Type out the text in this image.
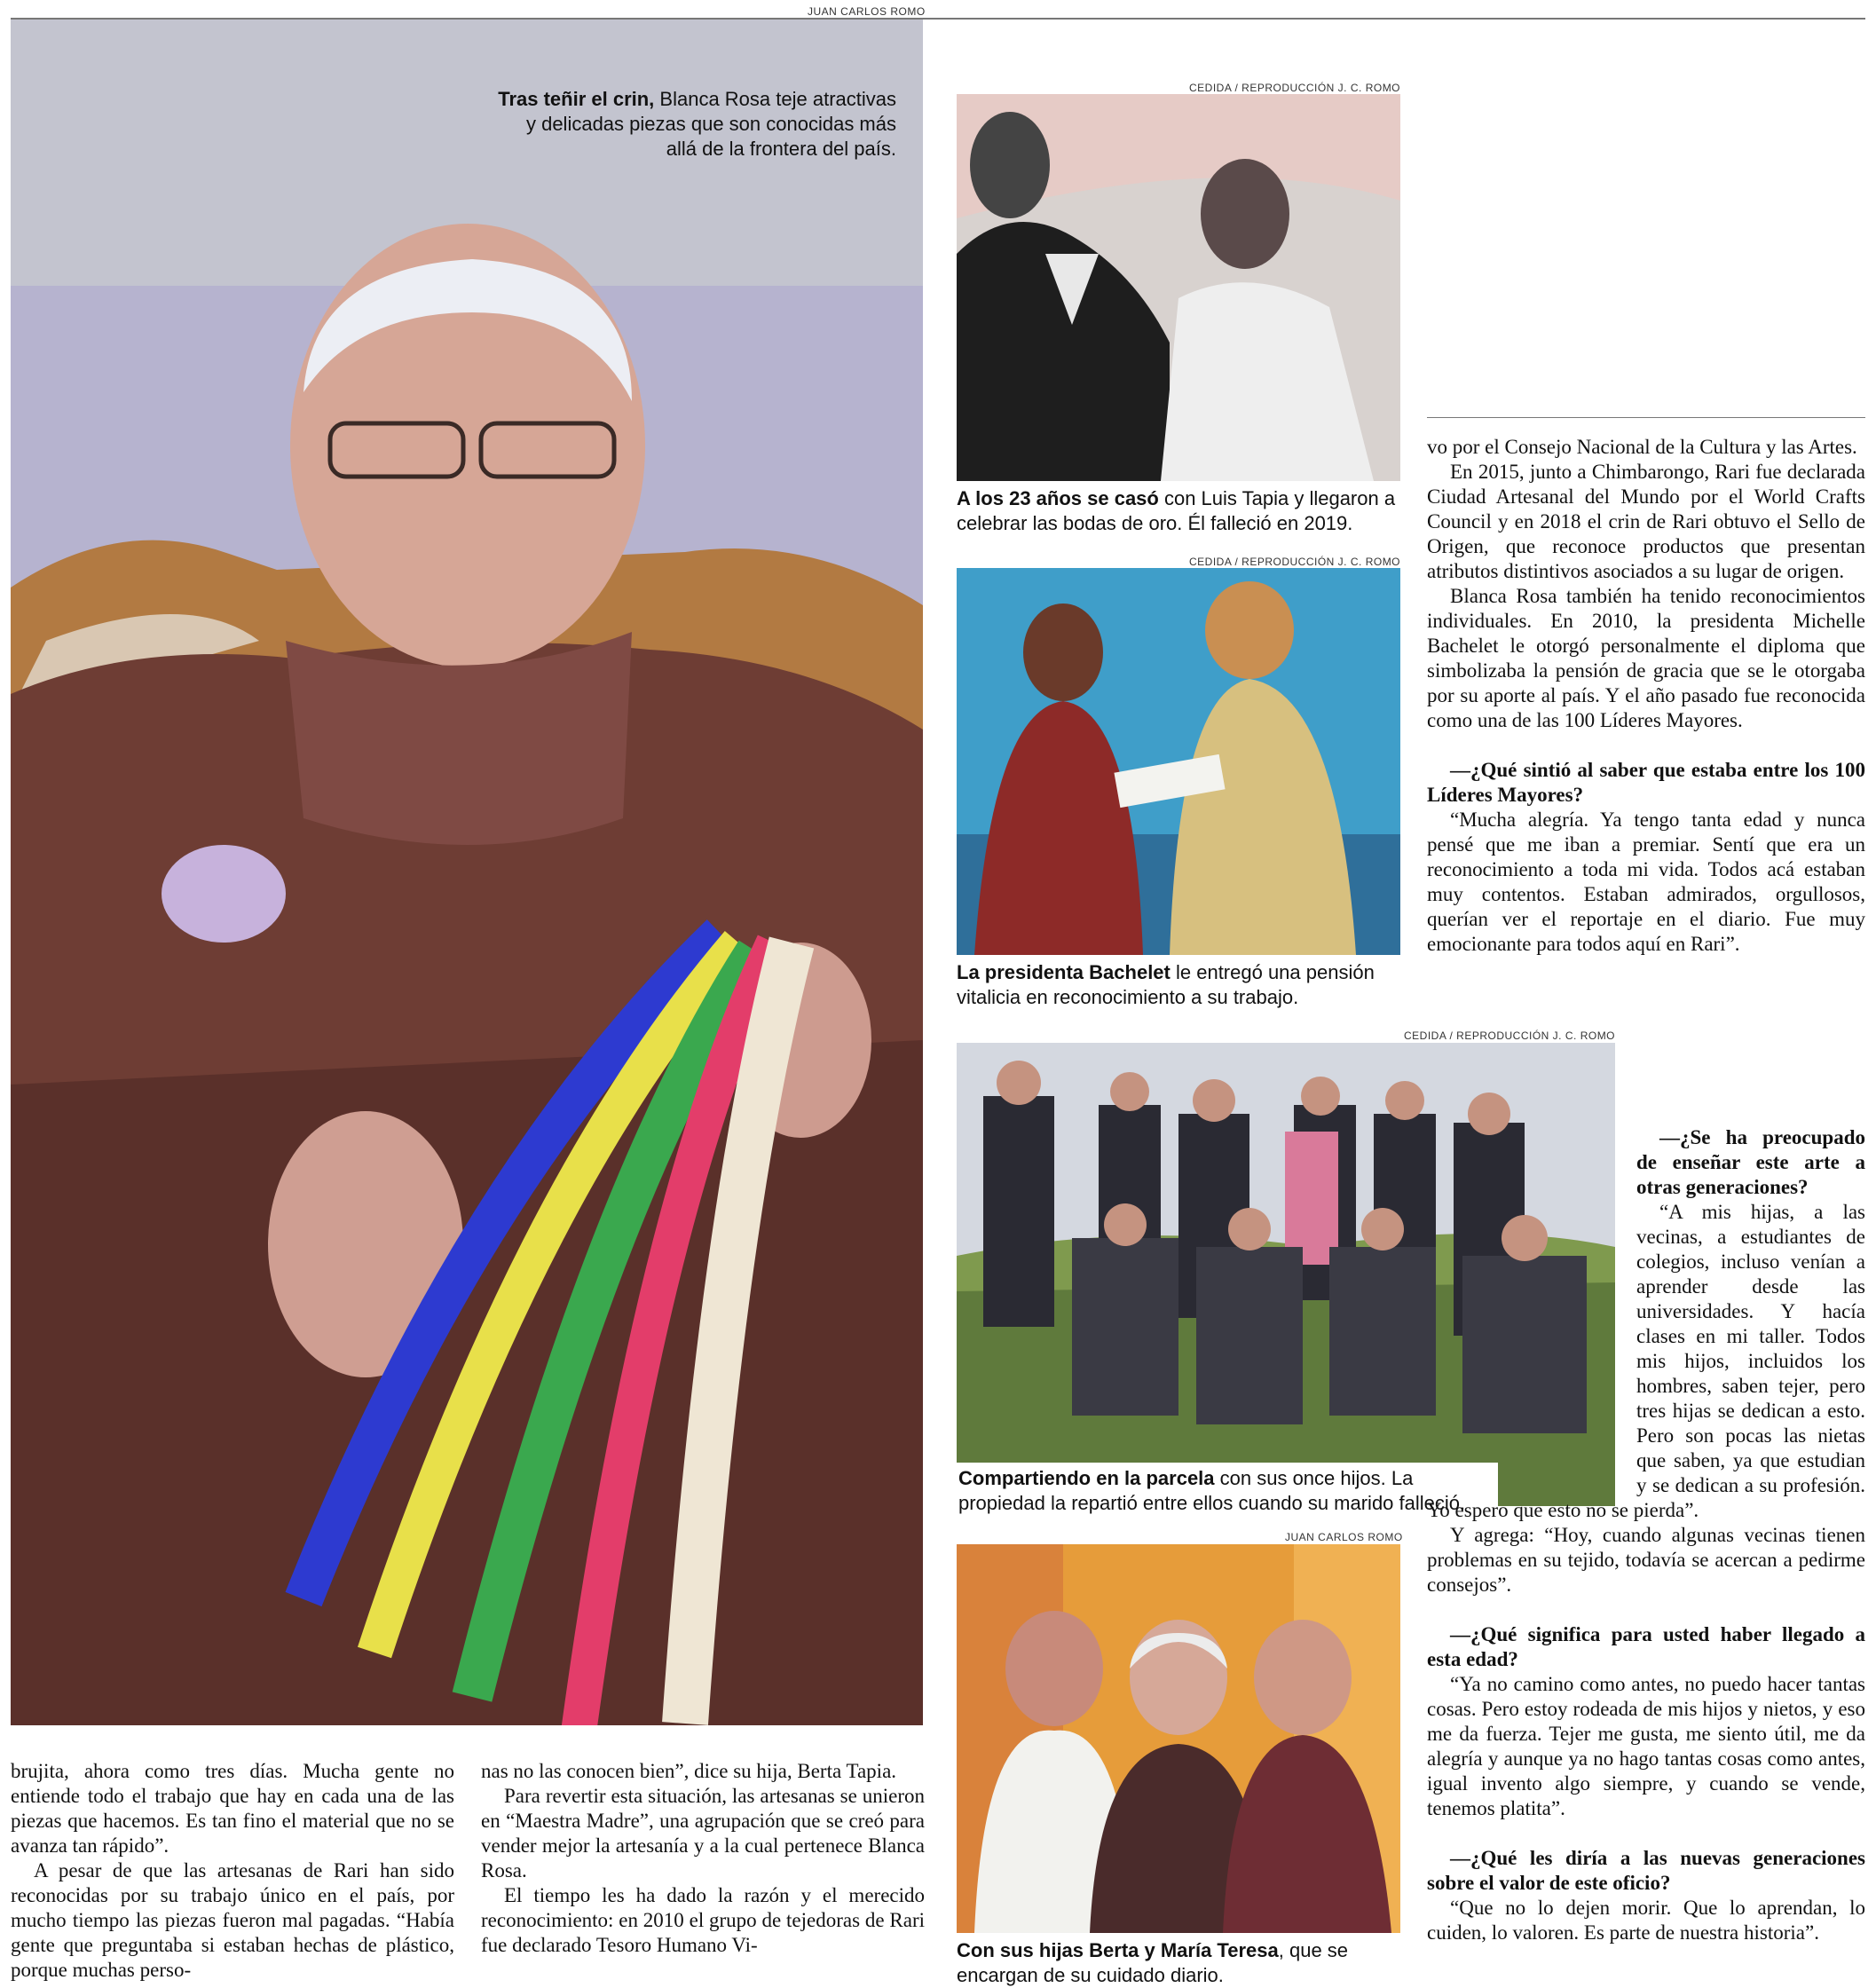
JUAN CARLOS ROMO
Tras teñir el crin, Blanca Rosa teje atractivas y delicadas piezas que son conocidas más allá de la frontera del país.
CEDIDA / REPRODUCCIÓN J. C. ROMO
A los 23 años se casó con Luis Tapia y llegaron a celebrar las bodas de oro. Él falleció en 2019.
CEDIDA / REPRODUCCIÓN J. C. ROMO
La presidenta Bachelet le entregó una pensión vitalicia en reconocimiento a su trabajo.
CEDIDA / REPRODUCCIÓN J. C. ROMO
Compartiendo en la parcela con sus once hijos. La propiedad la repartió entre ellos cuando su marido falleció.
JUAN CARLOS ROMO
Con sus hijas Berta y María Teresa, que se encargan de su cuidado diario.

brujita, ahora como tres días. Mucha gente no entiende todo el trabajo que hay en cada una de las piezas que hacemos. Es tan fino el material que no se avanza tan rápido”.

A pesar de que las artesanas de Rari han sido reconocidas por su trabajo único en el país, por mucho tiempo las piezas fueron mal pagadas. “Había gente que preguntaba si estaban hechas de plástico, porque muchas perso-

nas no las conocen bien”, dice su hija, Berta Tapia.

Para revertir esta situación, las artesanas se unieron en “Maestra Madre”, una agrupación que se creó para vender mejor la artesanía y a la cual pertenece Blanca Rosa.

El tiempo les ha dado la razón y el merecido reconocimiento: en 2010 el grupo de tejedoras de Rari fue declarado Tesoro Humano Vi-

vo por el Consejo Nacional de la Cultura y las Artes.

En 2015, junto a Chimbarongo, Rari fue declarada Ciudad Artesanal del Mundo por el World Crafts Council y en 2018 el crin de Rari obtuvo el Sello de Origen, que reconoce productos que presentan atributos distintivos asociados a su lugar de origen.

Blanca Rosa también ha tenido reconocimientos individuales. En 2010, la presidenta Michelle Bachelet le otorgó personalmente el diploma que simbolizaba la pensión de gracia que se le otorgaba por su aporte al país. Y el año pasado fue reconocida como una de las 100 Líderes Mayores.

—¿Qué sintió al saber que estaba entre los 100 Líderes Mayores?

“Mucha alegría. Ya tengo tanta edad y nunca pensé que me iban a premiar. Sentí que era un reconocimiento a toda mi vida. Todos acá estaban muy contentos. Estaban admirados, orgullosos, querían ver el reportaje en el diario. Fue muy emocionante para todos aquí en Rari”.

—¿Se ha preocupado de enseñar este arte a otras generaciones?

“A mis hijas, a las vecinas, a estudiantes de colegios, incluso venían a aprender desde las universidades. Y hacía clases en mi taller. Todos mis hijos, incluidos los hombres, saben tejer, pero tres hijas se dedican a esto. Pero son pocas las nietas que saben, ya que estudian y se dedican a su profesión. Yo espero que esto no se pierda”.

Y agrega: “Hoy, cuando algunas vecinas tienen problemas en su tejido, todavía se acercan a pedirme consejos”.

—¿Qué significa para usted haber llegado a esta edad?

“Ya no camino como antes, no puedo hacer tantas cosas. Pero estoy rodeada de mis hijos y nietos, y eso me da fuerza. Tejer me gusta, me siento útil, me da alegría y aunque ya no hago tantas cosas como antes, igual invento algo siempre, y cuando se vende, tenemos platita”.

—¿Qué les diría a las nuevas generaciones sobre el valor de este oficio?

“Que no lo dejen morir. Que lo aprendan, lo cuiden, lo valoren. Es parte de nuestra historia”.
